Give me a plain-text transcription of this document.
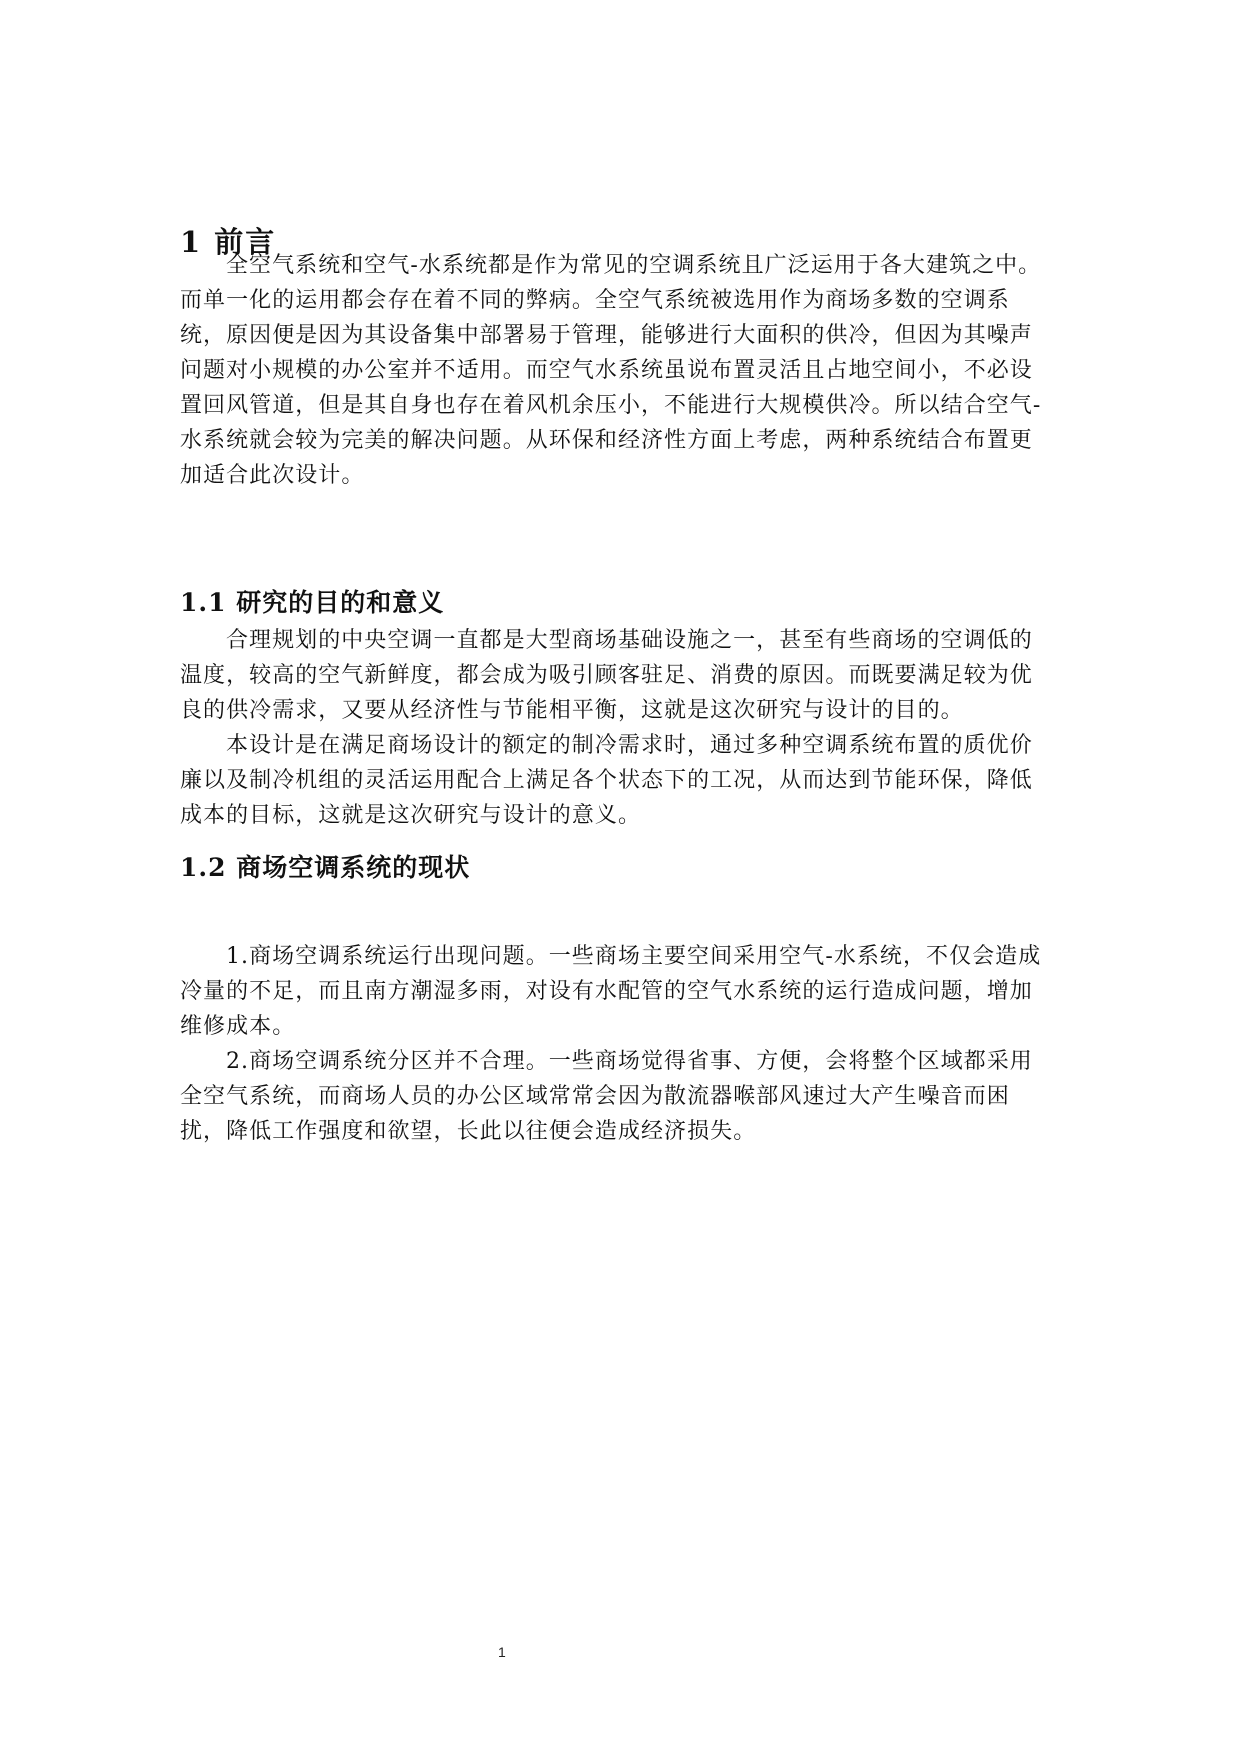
1 前言
全空气系统和空气-水系统都是作为常见的空调系统且广泛运用于各大建筑之中。
而单一化的运用都会存在着不同的弊病。全空气系统被选用作为商场多数的空调系
统，原因便是因为其设备集中部署易于管理，能够进行大面积的供冷，但因为其噪声
问题对小规模的办公室并不适用。而空气水系统虽说布置灵活且占地空间小，不必设
置回风管道，但是其自身也存在着风机余压小，不能进行大规模供冷。所以结合空气-
水系统就会较为完美的解决问题。从环保和经济性方面上考虑，两种系统结合布置更
加适合此次设计。
1.1 研究的目的和意义
合理规划的中央空调一直都是大型商场基础设施之一，甚至有些商场的空调低的
温度，较高的空气新鲜度，都会成为吸引顾客驻足、消费的原因。而既要满足较为优
良的供冷需求，又要从经济性与节能相平衡，这就是这次研究与设计的目的。
本设计是在满足商场设计的额定的制冷需求时，通过多种空调系统布置的质优价
廉以及制冷机组的灵活运用配合上满足各个状态下的工况，从而达到节能环保，降低
成本的目标，这就是这次研究与设计的意义。
1.2 商场空调系统的现状
1.商场空调系统运行出现问题。一些商场主要空间采用空气-水系统，不仅会造成
冷量的不足，而且南方潮湿多雨，对设有水配管的空气水系统的运行造成问题，增加
维修成本。
2.商场空调系统分区并不合理。一些商场觉得省事、方便，会将整个区域都采用
全空气系统，而商场人员的办公区域常常会因为散流器喉部风速过大产生噪音而困
扰，降低工作强度和欲望，长此以往便会造成经济损失。
1
